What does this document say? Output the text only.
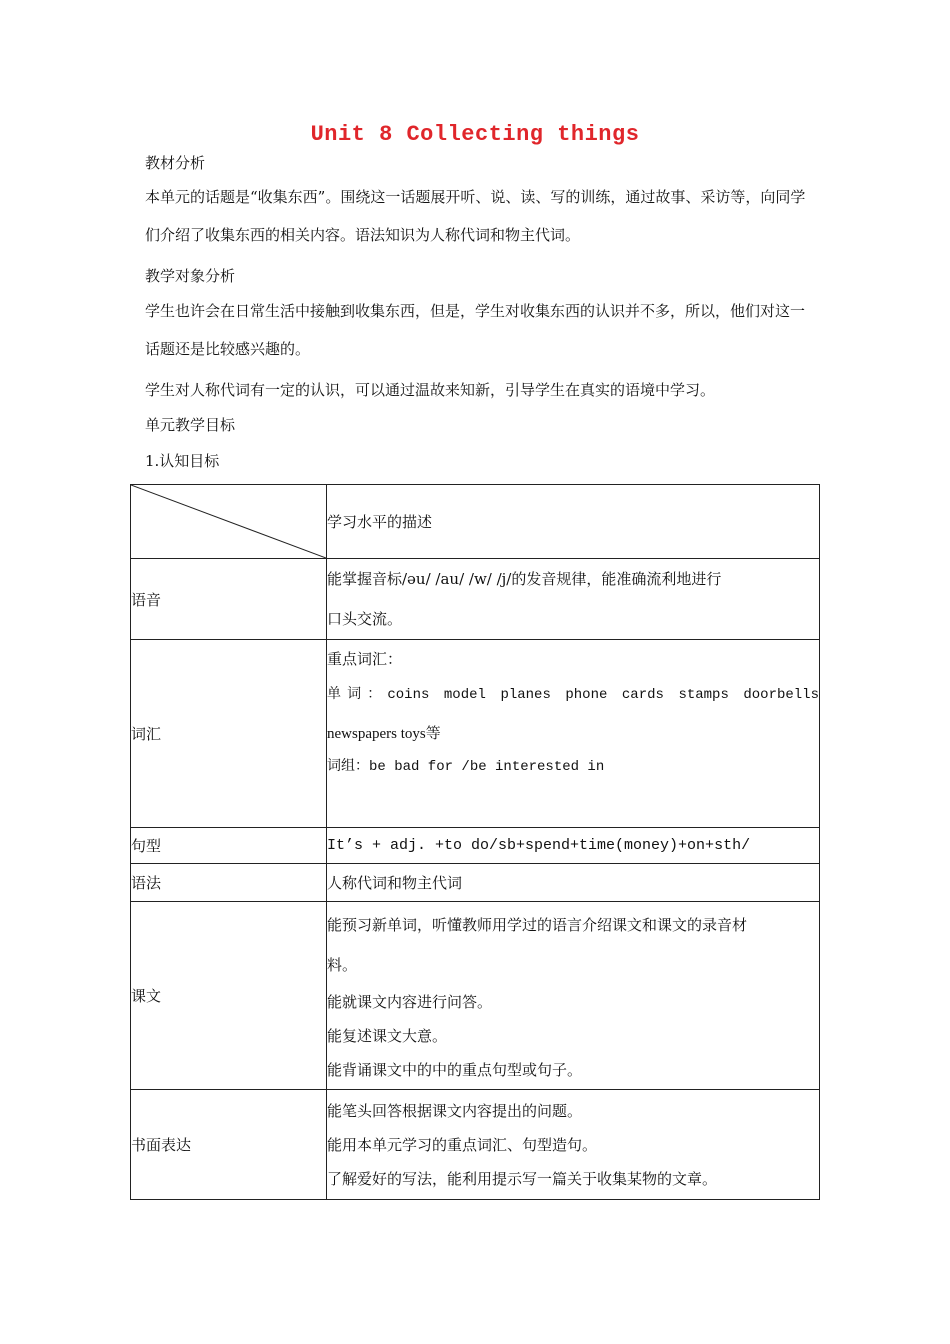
Unit 8 Collecting things
教材分析
本单元的话题是“收集东西”。围绕这一话题展开听、说、读、写的训练，通过故事、采访等，向同学们介绍了收集东西的相关内容。语法知识为人称代词和物主代词。
教学对象分析
学生也许会在日常生活中接触到收集东西，但是，学生对收集东西的认识并不多，所以，他们对这一话题还是比较感兴趣的。
学生对人称代词有一定的认识，可以通过温故来知新，引导学生在真实的语境中学习。
单元教学目标
1.认知目标
	学习水平的描述
语音	能掌握音标/əu/ /au/ /w/ /j/的发音规律，能准确流利地进行
口头交流。

词汇	重点词汇：
单词：coins model planes phone cards stamps doorbells
newspapers toys等
词组：be bad for /be interested in

句型	It’s + adj. +to do/sb+spend+time(money)+on+sth/
语法	人称代词和物主代词
课文	能预习新单词，听懂教师用学过的语言介绍课文和课文的录音材
料。
能就课文内容进行问答。
能复述课文大意。
能背诵课文中的中的重点句型或句子。

书面表达	能笔头回答根据课文内容提出的问题。
能用本单元学习的重点词汇、句型造句。
了解爱好的写法，能利用提示写一篇关于收集某物的文章。
